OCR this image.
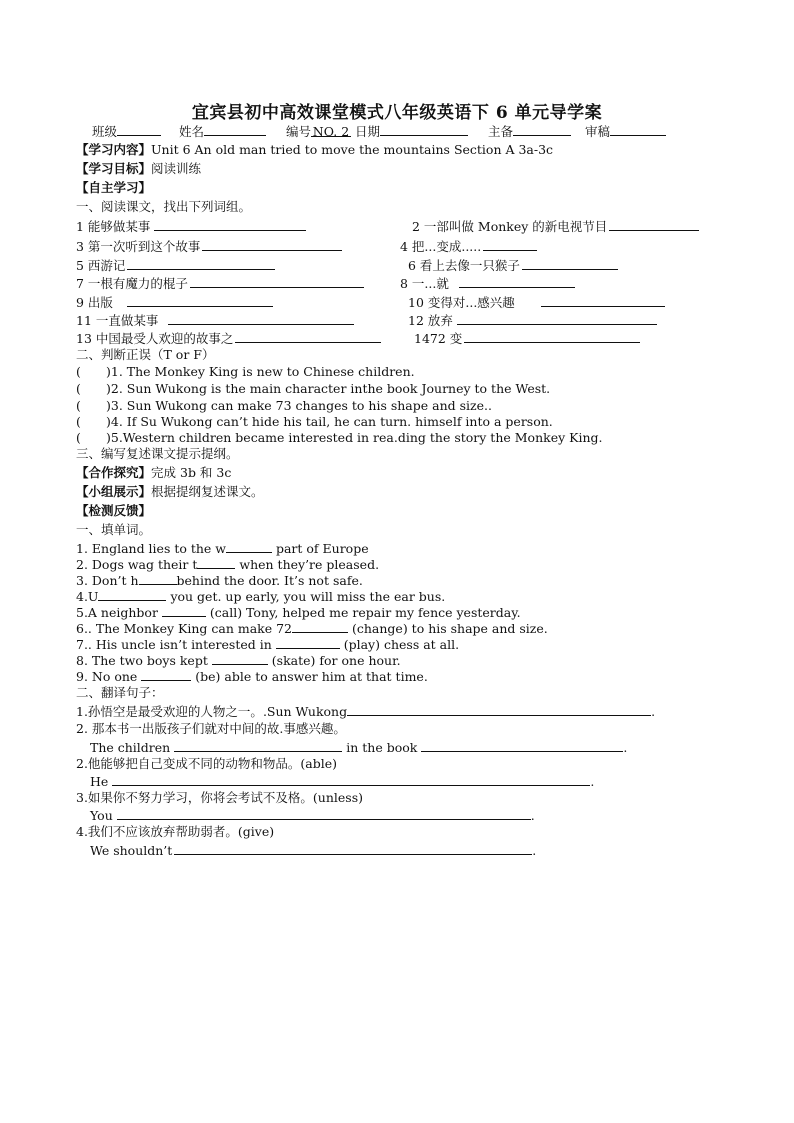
宜宾县初中高效课堂模式八年级英语下 6 单元导学案
班级	姓名	编号 NO. 2 日期	主备	审稿
【学习内容】Unit 6 An old man tried to move the mountains Section A 3a-3c
【学习目标】阅读训练
【自主学习】
一、阅读课文，找出下列词组。
1 能够做某事	2 一部叫做 Monkey 的新电视节目
3 第一次听到这个故事	4 把...变成.....
5 西游记	6 看上去像一只猴子
7 一根有魔力的棍子	8 一...就
9 出版	10 变得对...感兴趣
11 一直做某事	12 放弃
13 中国最受人欢迎的故事之	1472 变
二、判断正误（T or F）
( )1. The Monkey King is new to Chinese children.
( )2. Sun Wukong is the main character inthe book Journey to the West.
( )3. Sun Wukong can make 73 changes to his shape and size..
( )4. If Su Wukong can’t hide his tail, he can turn. himself into a person.
( )5.Western children became interested in rea.ding the story the Monkey King.
三、编写复述课文提示提纲。
【合作探究】完成 3b 和 3c
【小组展示】根据提纲复述课文。
【检测反馈】
一、填单词。
1. England lies to the w	part of Europe
2. Dogs wag their t	when they’re pleased.
3. Don’t h	behind the door. It’s not safe.
4.U	you get. up early, you will miss the ear bus.
5.A neighbor	(call) Tony, helped me repair my fence yesterday.
6.. The Monkey King can make 72	(change) to his shape and size.
7.. His uncle isn’t interested in	(play) chess at all.
8. The two boys kept	(skate) for one hour.
9. No one	(be) able to answer him at that time.
二、翻译句子：
1.孙悟空是最受欢迎的人物之一。.Sun Wukong	.
2. 那本书一出版孩子们就对中间的故.事感兴趣。
The children	in the book	.
2.他能够把自己变成不同的动物和物品。(able)
He	.
3.如果你不努力学习，你将会考试不及格。(unless)
You	.
4.我们不应该放弃帮助弱者。(give)
We shouldn’t	.
